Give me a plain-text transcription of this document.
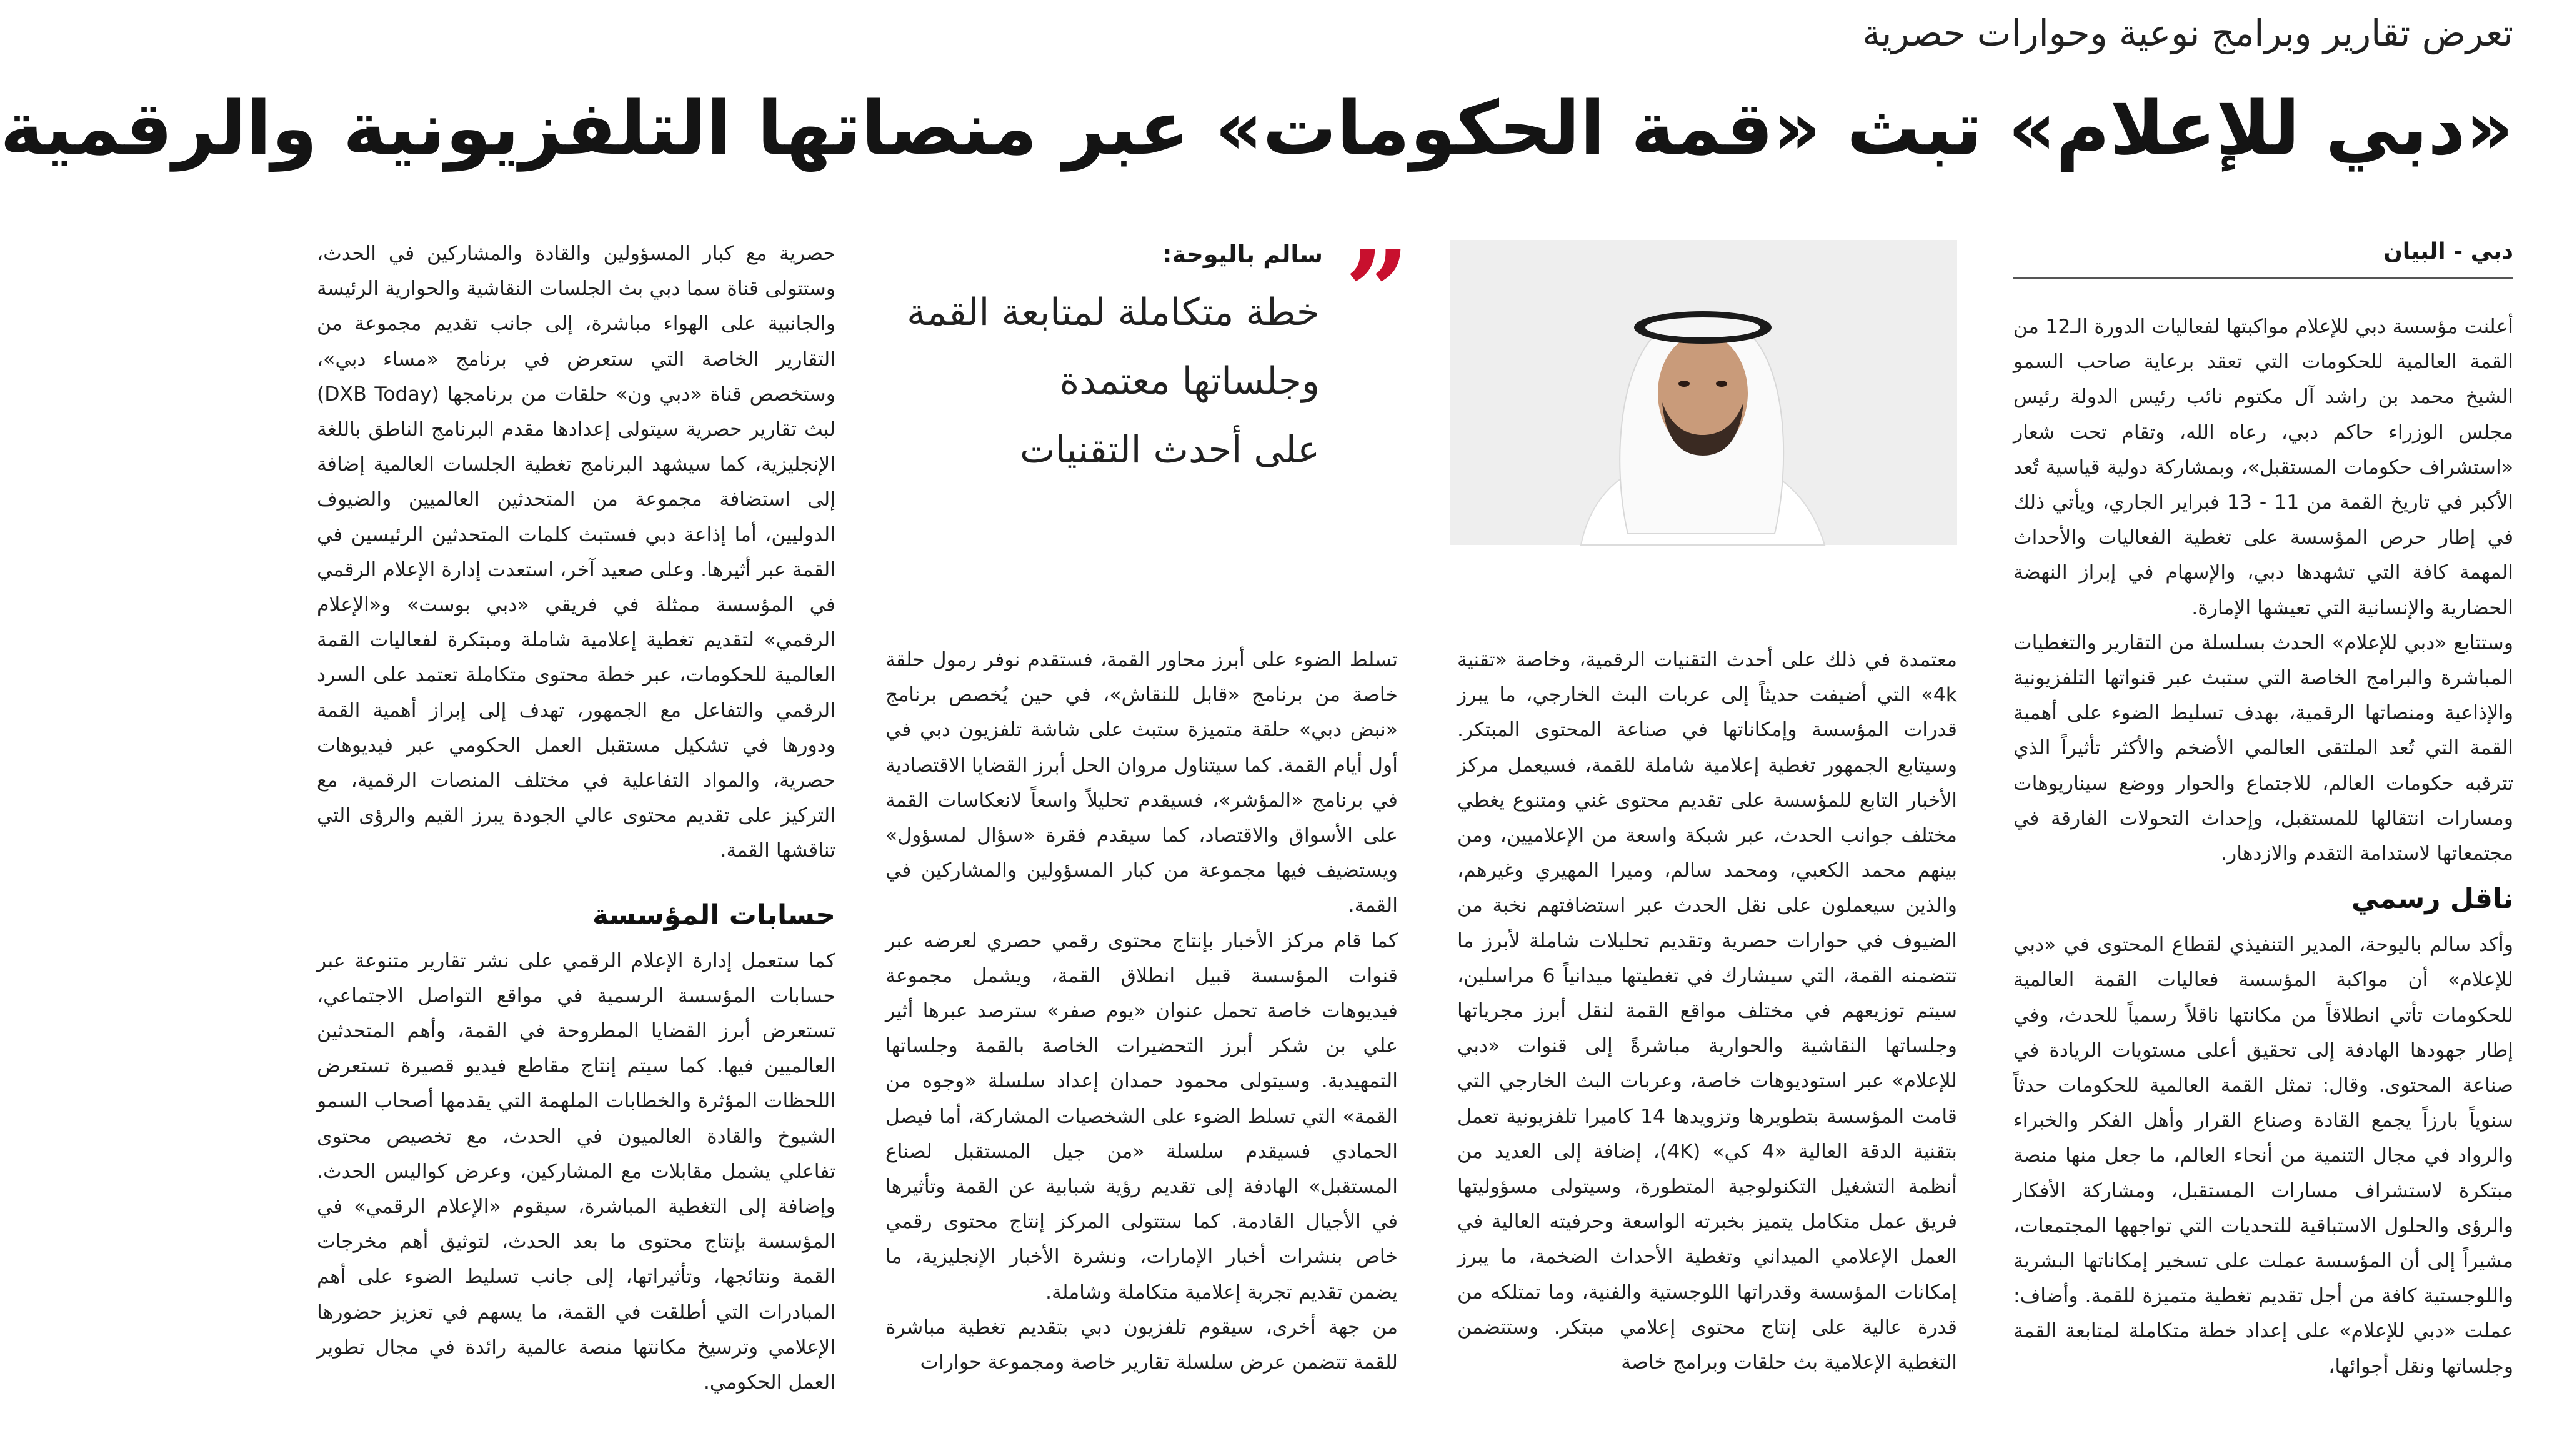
تعرض تقارير وبرامج نوعية وحوارات حصرية
«دبي للإعلام» تبث «قمة الحكومات» عبر منصاتها التلفزيونية والرقمية
دبي - البيان

أعلنت مؤسسة دبي للإعلام مواكبتها لفعاليات الدورة الـ12 من القمة العالمية للحكومات التي تعقد برعاية صاحب السمو الشيخ محمد بن راشد آل مكتوم نائب رئيس الدولة رئيس مجلس الوزراء حاكم دبي، رعاه الله، وتقام تحت شعار «استشراف حكومات المستقبل»، وبمشاركة دولية قياسية تُعد الأكبر في تاريخ القمة من 11 - 13 فبراير الجاري، ويأتي ذلك في إطار حرص المؤسسة على تغطية الفعاليات والأحداث المهمة كافة التي تشهدها دبي، والإسهام في إبراز النهضة الحضارية والإنسانية التي تعيشها الإمارة.

وستتابع «دبي للإعلام» الحدث بسلسلة من التقارير والتغطيات المباشرة والبرامج الخاصة التي ستبث عبر قنواتها التلفزيونية والإذاعية ومنصاتها الرقمية، بهدف تسليط الضوء على أهمية القمة التي تُعد الملتقى العالمي الأضخم والأكثر تأثيراً الذي تترقبه حكومات العالم، للاجتماع والحوار ووضع سيناريوهات ومسارات انتقالها للمستقبل، وإحداث التحولات الفارقة في مجتمعاتها لاستدامة التقدم والازدهار.

ناقل رسمي

وأكد سالم باليوحة، المدير التنفيذي لقطاع المحتوى في «دبي للإعلام» أن مواكبة المؤسسة فعاليات القمة العالمية للحكومات تأتي انطلاقاً من مكانتها ناقلاً رسمياً للحدث، وفي إطار جهودها الهادفة إلى تحقيق أعلى مستويات الريادة في صناعة المحتوى. وقال: تمثل القمة العالمية للحكومات حدثاً سنوياً بارزاً يجمع القادة وصناع القرار وأهل الفكر والخبراء والرواد في مجال التنمية من أنحاء العالم، ما جعل منها منصة مبتكرة لاستشراف مسارات المستقبل، ومشاركة الأفكار والرؤى والحلول الاستباقية للتحديات التي تواجهها المجتمعات، مشيراً إلى أن المؤسسة عملت على تسخير إمكاناتها البشرية واللوجستية كافة من أجل تقديم تغطية متميزة للقمة. وأضاف: عملت «دبي للإعلام» على إعداد خطة متكاملة لمتابعة القمة وجلساتها ونقل أجوائها،

”
سالم باليوحة:
خطة متكاملة لمتابعة القمة
وجلساتها معتمدة
على أحدث التقنيات

معتمدة في ذلك على أحدث التقنيات الرقمية، وخاصة «تقنية 4k» التي أضيفت حديثاً إلى عربات البث الخارجي، ما يبرز قدرات المؤسسة وإمكاناتها في صناعة المحتوى المبتكر. وسيتابع الجمهور تغطية إعلامية شاملة للقمة، فسيعمل مركز الأخبار التابع للمؤسسة على تقديم محتوى غني ومتنوع يغطي مختلف جوانب الحدث، عبر شبكة واسعة من الإعلاميين، ومن بينهم محمد الكعبي، ومحمد سالم، وميرا المهيري وغيرهم، والذين سيعملون على نقل الحدث عبر استضافتهم نخبة من الضيوف في حوارات حصرية وتقديم تحليلات شاملة لأبرز ما تتضمنه القمة، التي سيشارك في تغطيتها ميدانياً 6 مراسلين، سيتم توزيعهم في مختلف مواقع القمة لنقل أبرز مجرياتها وجلساتها النقاشية والحوارية مباشرةً إلى قنوات «دبي للإعلام» عبر استوديوهات خاصة، وعربات البث الخارجي التي قامت المؤسسة بتطويرها وتزويدها 14 كاميرا تلفزيونية تعمل بتقنية الدقة العالية «4 كي» (4K)، إضافة إلى العديد من أنظمة التشغيل التكنولوجية المتطورة، وسيتولى مسؤوليتها فريق عمل متكامل يتميز بخبرته الواسعة وحرفيته العالية في العمل الإعلامي الميداني وتغطية الأحداث الضخمة، ما يبرز إمكانات المؤسسة وقدراتها اللوجستية والفنية، وما تمتلكه من قدرة عالية على إنتاج محتوى إعلامي مبتكر. وستتضمن التغطية الإعلامية بث حلقات وبرامج خاصة

تسلط الضوء على أبرز محاور القمة، فستقدم نوفر رمول حلقة خاصة من برنامج «قابل للنقاش»، في حين يُخصص برنامج «نبض دبي» حلقة متميزة ستبث على شاشة تلفزيون دبي في أول أيام القمة. كما سيتناول مروان الحل أبرز القضايا الاقتصادية في برنامج «المؤشر»، فسيقدم تحليلاً واسعاً لانعكاسات القمة على الأسواق والاقتصاد، كما سيقدم فقرة «سؤال لمسؤول» ويستضيف فيها مجموعة من كبار المسؤولين والمشاركين في القمة.

كما قام مركز الأخبار بإنتاج محتوى رقمي حصري لعرضه عبر قنوات المؤسسة قبيل انطلاق القمة، ويشمل مجموعة فيديوهات خاصة تحمل عنوان «يوم صفر» سترصد عبرها أثير علي بن شكر أبرز التحضيرات الخاصة بالقمة وجلساتها التمهيدية. وسيتولى محمود حمدان إعداد سلسلة «وجوه من القمة» التي تسلط الضوء على الشخصيات المشاركة، أما فيصل الحمادي فسيقدم سلسلة «من جيل المستقبل لصناع المستقبل» الهادفة إلى تقديم رؤية شبابية عن القمة وتأثيرها في الأجيال القادمة. كما ستتولى المركز إنتاج محتوى رقمي خاص بنشرات أخبار الإمارات، ونشرة الأخبار الإنجليزية، ما يضمن تقديم تجربة إعلامية متكاملة وشاملة.

من جهة أخرى، سيقوم تلفزيون دبي بتقديم تغطية مباشرة للقمة تتضمن عرض سلسلة تقارير خاصة ومجموعة حوارات

حصرية مع كبار المسؤولين والقادة والمشاركين في الحدث، وستتولى قناة سما دبي بث الجلسات النقاشية والحوارية الرئيسة والجانبية على الهواء مباشرة، إلى جانب تقديم مجموعة من التقارير الخاصة التي ستعرض في برنامج «مساء دبي»، وستخصص قناة «دبي ون» حلقات من برنامجها (DXB Today) لبث تقارير حصرية سيتولى إعدادها مقدم البرنامج الناطق باللغة الإنجليزية، كما سيشهد البرنامج تغطية الجلسات العالمية إضافة إلى استضافة مجموعة من المتحدثين العالميين والضيوف الدوليين، أما إذاعة دبي فستبث كلمات المتحدثين الرئيسين في القمة عبر أثيرها. وعلى صعيد آخر، استعدت إدارة الإعلام الرقمي في المؤسسة ممثلة في فريقي «دبي بوست» و«الإعلام الرقمي» لتقديم تغطية إعلامية شاملة ومبتكرة لفعاليات القمة العالمية للحكومات، عبر خطة محتوى متكاملة تعتمد على السرد الرقمي والتفاعل مع الجمهور، تهدف إلى إبراز أهمية القمة ودورها في تشكيل مستقبل العمل الحكومي عبر فيديوهات حصرية، والمواد التفاعلية في مختلف المنصات الرقمية، مع التركيز على تقديم محتوى عالي الجودة يبرز القيم والرؤى التي تناقشها القمة.

حسابات المؤسسة

كما ستعمل إدارة الإعلام الرقمي على نشر تقارير متنوعة عبر حسابات المؤسسة الرسمية في مواقع التواصل الاجتماعي، تستعرض أبرز القضايا المطروحة في القمة، وأهم المتحدثين العالميين فيها. كما سيتم إنتاج مقاطع فيديو قصيرة تستعرض اللحظات المؤثرة والخطابات الملهمة التي يقدمها أصحاب السمو الشيوخ والقادة العالميون في الحدث، مع تخصيص محتوى تفاعلي يشمل مقابلات مع المشاركين، وعرض كواليس الحدث. وإضافة إلى التغطية المباشرة، سيقوم «الإعلام الرقمي» في المؤسسة بإنتاج محتوى ما بعد الحدث، لتوثيق أهم مخرجات القمة ونتائجها، وتأثيراتها، إلى جانب تسليط الضوء على أهم المبادرات التي أطلقت في القمة، ما يسهم في تعزيز حضورها الإعلامي وترسيخ مكانتها منصة عالمية رائدة في مجال تطوير العمل الحكومي.
